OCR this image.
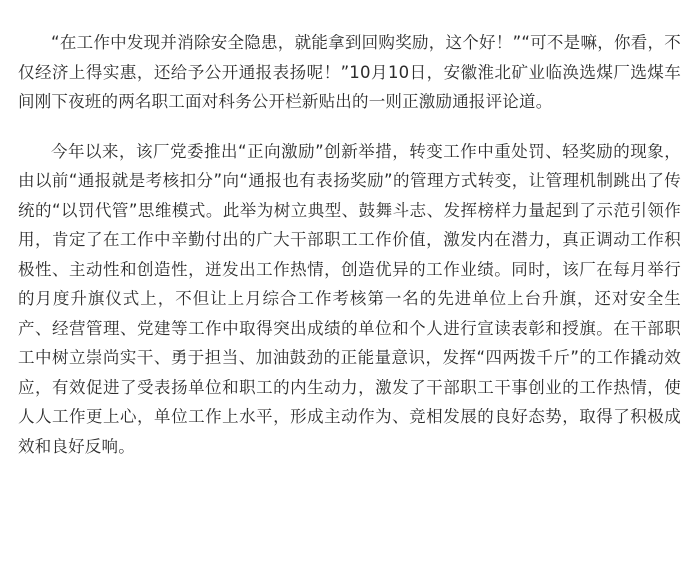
“在工作中发现并消除安全隐患，就能拿到回购奖励，这个好！”“可不是嘛，你看，不仅经济上得实惠，还给予公开通报表扬呢！”10月10日，安徽淮北矿业临涣选煤厂选煤车间刚下夜班的两名职工面对科务公开栏新贴出的一则正激励通报评论道。

今年以来，该厂党委推出“正向激励”创新举措，转变工作中重处罚、轻奖励的现象，由以前“通报就是考核扣分”向“通报也有表扬奖励”的管理方式转变，让管理机制跳出了传统的“以罚代管”思维模式。此举为树立典型、鼓舞斗志、发挥榜样力量起到了示范引领作用，肯定了在工作中辛勤付出的广大干部职工工作价值，激发内在潜力，真正调动工作积极性、主动性和创造性，迸发出工作热情，创造优异的工作业绩。同时，该厂在每月举行的月度升旗仪式上，不但让上月综合工作考核第一名的先进单位上台升旗，还对安全生产、经营管理、党建等工作中取得突出成绩的单位和个人进行宣读表彰和授旗。在干部职工中树立崇尚实干、勇于担当、加油鼓劲的正能量意识，发挥“四两拨千斤”的工作撬动效应，有效促进了受表扬单位和职工的内生动力，激发了干部职工干事创业的工作热情，使人人工作更上心，单位工作上水平，形成主动作为、竞相发展的良好态势，取得了积极成效和良好反响。
